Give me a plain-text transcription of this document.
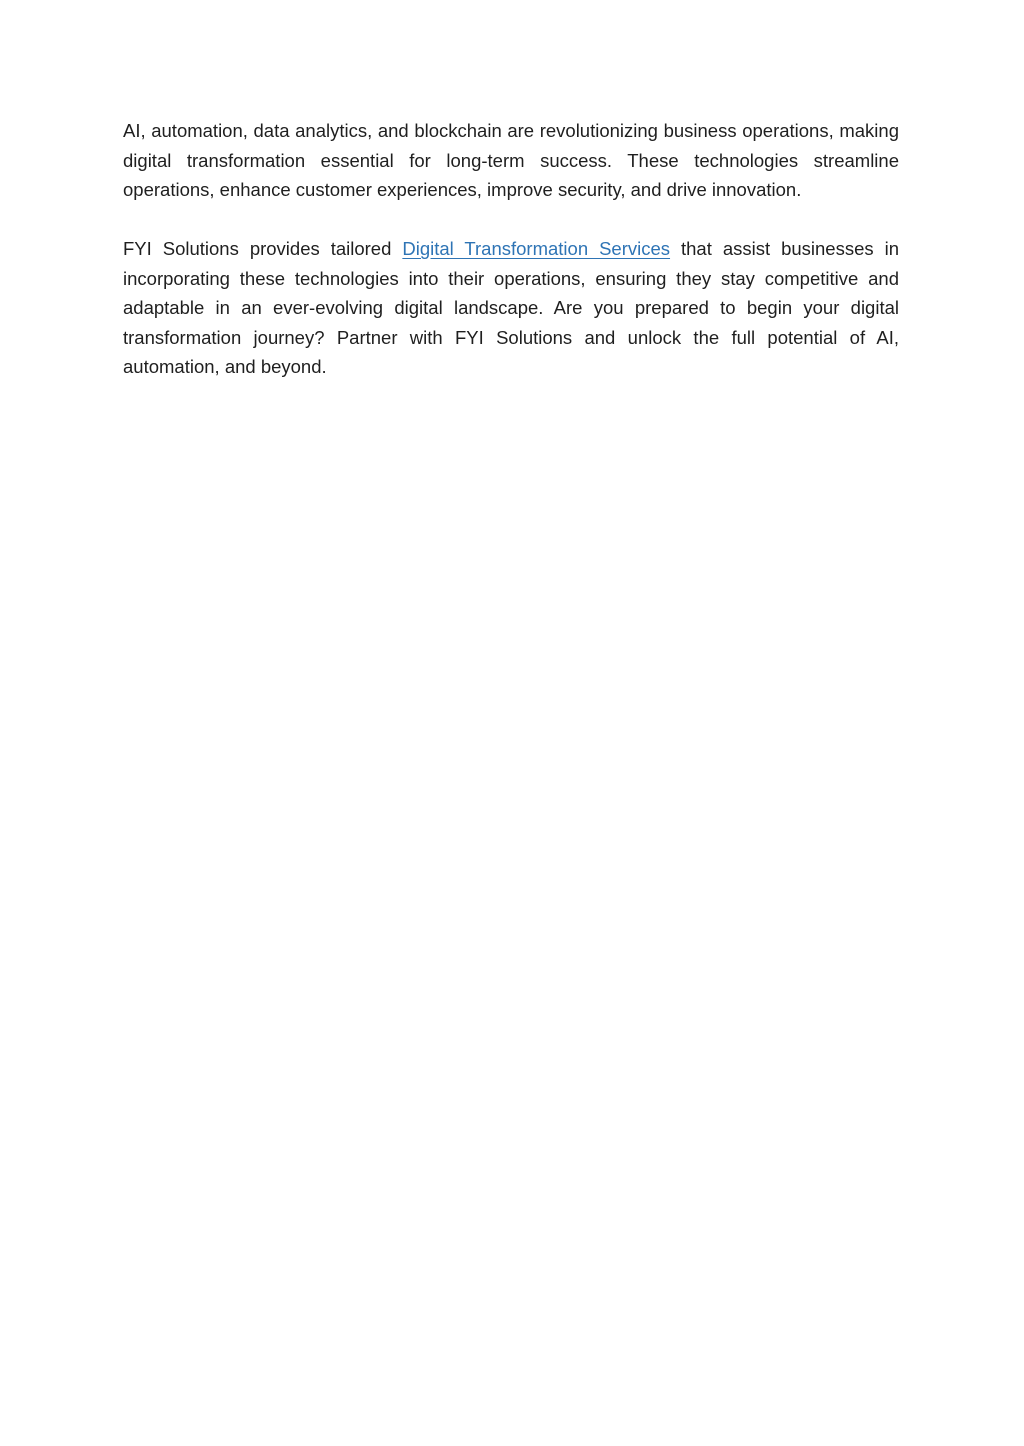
AI, automation, data analytics, and blockchain are revolutionizing business operations, making digital transformation essential for long-term success. These technologies streamline operations, enhance customer experiences, improve security, and drive innovation.

FYI Solutions provides tailored Digital Transformation Services that assist businesses in incorporating these technologies into their operations, ensuring they stay competitive and adaptable in an ever-evolving digital landscape. Are you prepared to begin your digital transformation journey? Partner with FYI Solutions and unlock the full potential of AI, automation, and beyond.
